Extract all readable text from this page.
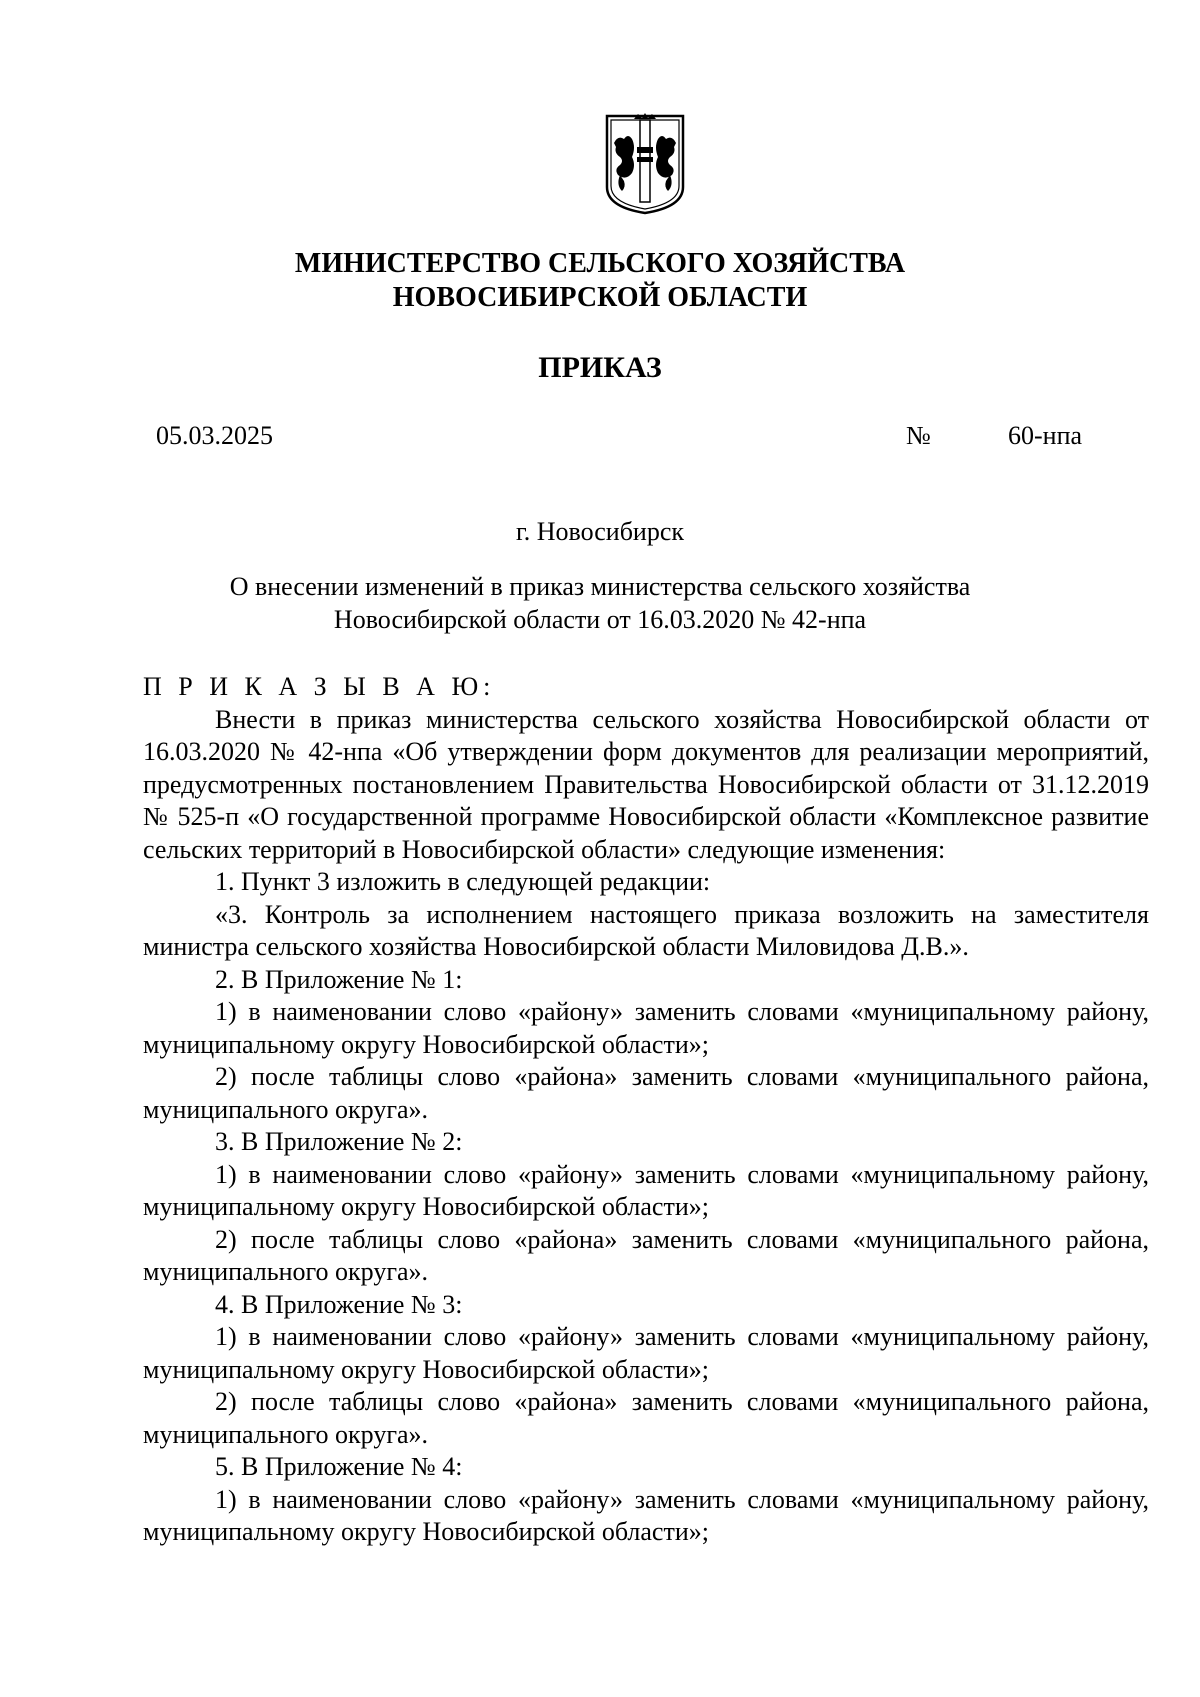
МИНИСТЕРСТВО СЕЛЬСКОГО ХОЗЯЙСТВА
НОВОСИБИРСКОЙ ОБЛАСТИ
ПРИКАЗ
05.03.2025	№	60-нпа
г. Новосибирск
О внесении изменений в приказ министерства сельского хозяйства
Новосибирской области от 16.03.2020 № 42-нпа

П Р И К А З Ы В А Ю:

Внести в приказ министерства сельского хозяйства Новосибирской области от 16.03.2020 № 42-нпа «Об утверждении форм документов для реализации мероприятий, предусмотренных постановлением Правительства Новосибирской области от 31.12.2019 № 525-п «О государственной программе Новосибирской области «Комплексное развитие сельских территорий в Новосибирской области» следующие изменения:

1. Пункт 3 изложить в следующей редакции:

«3. Контроль за исполнением настоящего приказа возложить на заместителя министра сельского хозяйства Новосибирской области Миловидова Д.В.».

2. В Приложение № 1:

1) в наименовании слово «району» заменить словами «муниципальному району, муниципальному округу Новосибирской области»;

2) после таблицы слово «района» заменить словами «муниципального района, муниципального округа».

3. В Приложение № 2:

1) в наименовании слово «району» заменить словами «муниципальному району, муниципальному округу Новосибирской области»;

2) после таблицы слово «района» заменить словами «муниципального района, муниципального округа».

4. В Приложение № 3:

1) в наименовании слово «району» заменить словами «муниципальному району, муниципальному округу Новосибирской области»;

2) после таблицы слово «района» заменить словами «муниципального района, муниципального округа».

5. В Приложение № 4:

1) в наименовании слово «району» заменить словами «муниципальному району, муниципальному округу Новосибирской области»;
